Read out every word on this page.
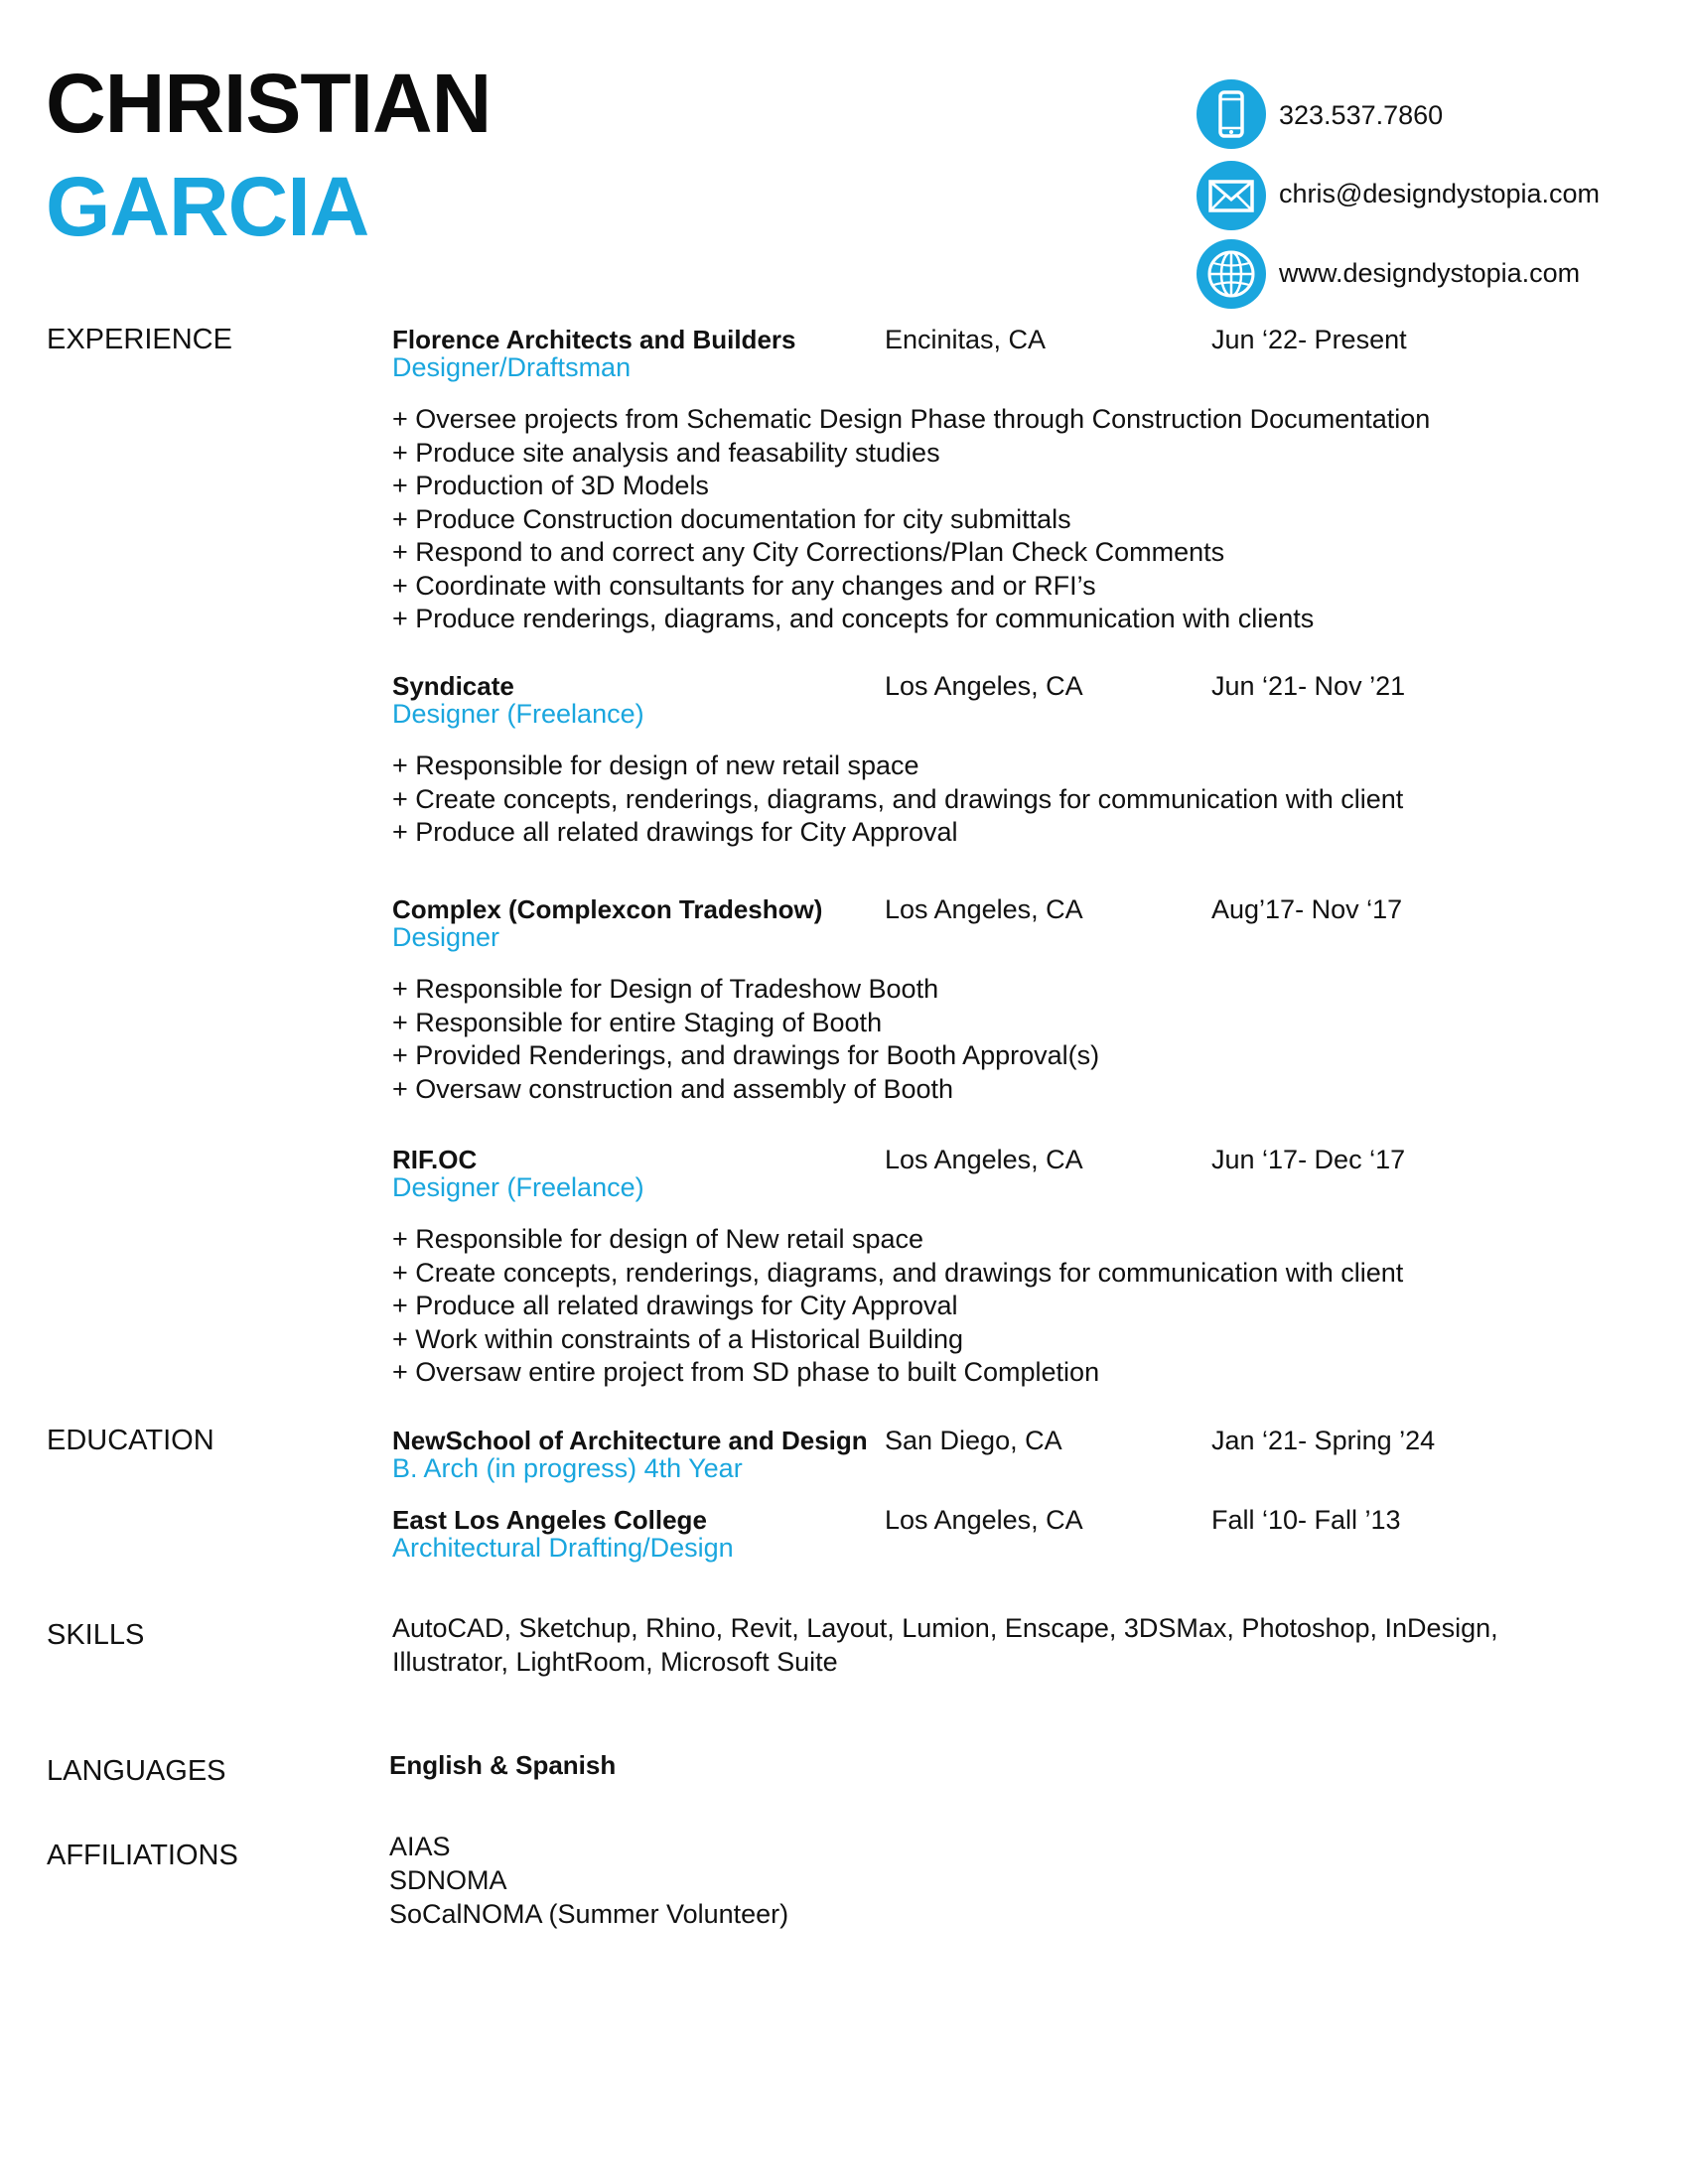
CHRISTIAN
GARCIA
323.537.7860
chris@designdystopia.com
www.designdystopia.com
EXPERIENCE	Florence Architects and Builders
Designer/Draftsman
Encinitas, CA	Jun ‘22- Present
+ Oversee projects from Schematic Design Phase through Construction Documentation
+ Produce site analysis and feasability studies
+ Production of 3D Models
+ Produce Construction documentation for city submittals
+ Respond to and correct any City Corrections/Plan Check Comments
+ Coordinate with consultants for any changes and or RFI’s
+ Produce renderings, diagrams, and concepts for communication with clients
Syndicate
Designer (Freelance)
Los Angeles, CA	Jun ‘21- Nov ’21
+ Responsible for design of new retail space
+ Create concepts, renderings, diagrams, and drawings for communication with client
+ Produce all related drawings for City Approval
Complex (Complexcon Tradeshow)
Designer
Los Angeles, CA	Aug’17- Nov ‘17
+ Responsible for Design of Tradeshow Booth
+ Responsible for entire Staging of Booth
+ Provided Renderings, and drawings for Booth Approval(s)
+ Oversaw construction and assembly of Booth
RIF.OC
Designer (Freelance)
Los Angeles, CA	Jun ‘17- Dec ‘17
+ Responsible for design of New retail space
+ Create concepts, renderings, diagrams, and drawings for communication with client
+ Produce all related drawings for City Approval
+ Work within constraints of a Historical Building
+ Oversaw entire project from SD phase to built Completion
EDUCATION	NewSchool of Architecture and Design
B. Arch (in progress) 4th Year
San Diego, CA	Jan ‘21- Spring ’24
East Los Angeles College
Architectural Drafting/Design
Los Angeles, CA	Fall ‘10- Fall ’13
SKILLS	AutoCAD, Sketchup, Rhino, Revit, Layout, Lumion, Enscape, 3DSMax, Photoshop, InDesign,
Illustrator, LightRoom, Microsoft Suite
LANGUAGES	English & Spanish
AFFILIATIONS	AIAS
SDNOMA
SoCalNOMA (Summer Volunteer)
